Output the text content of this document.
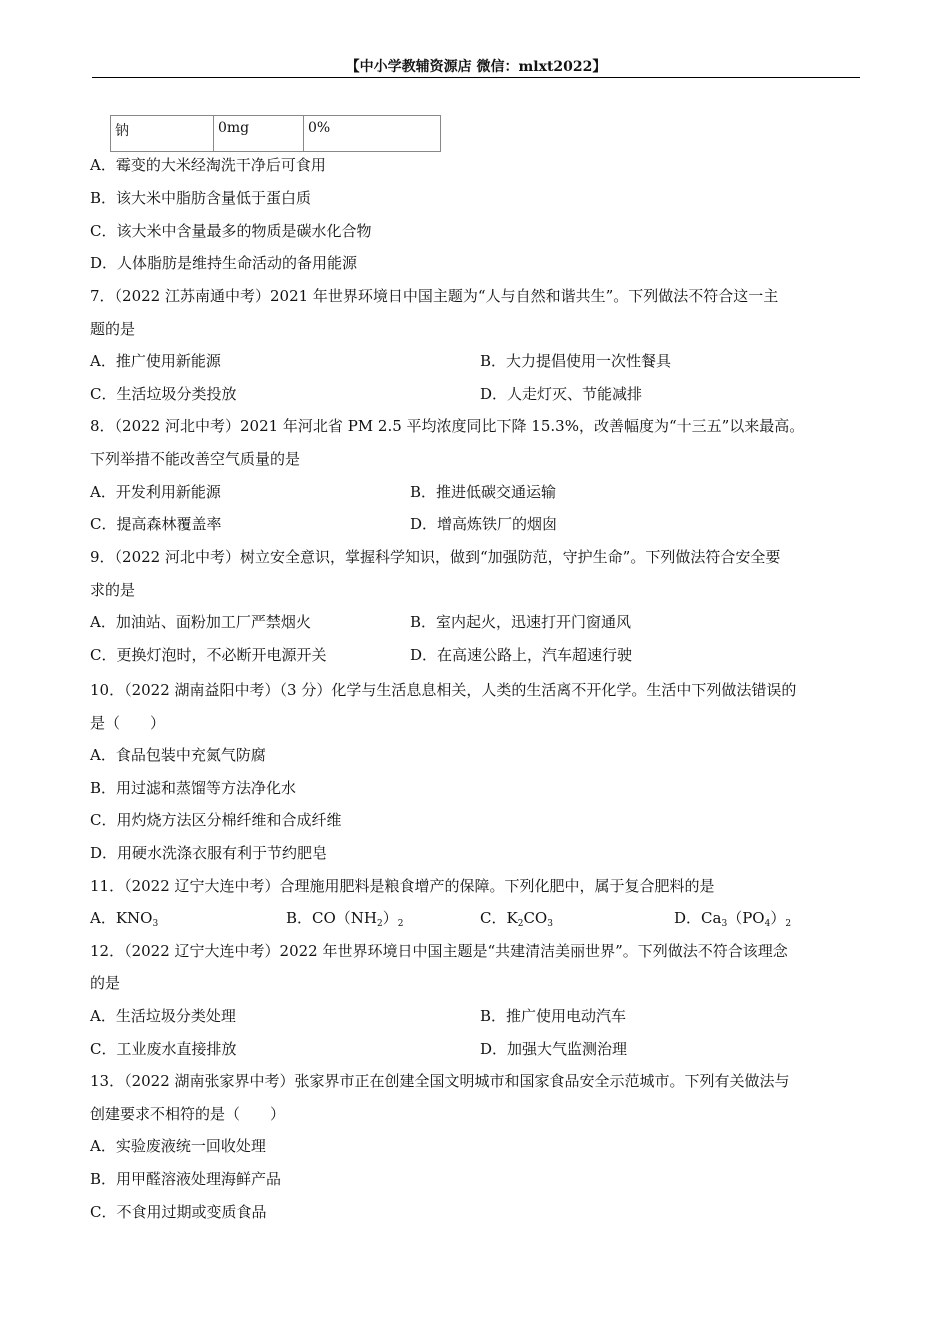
【中小学教辅资源店 微信：mlxt2022】
钠	0mg	0%
A．霉变的大米经淘洗干净后可食用
B．该大米中脂肪含量低于蛋白质
C．该大米中含量最多的物质是碳水化合物
D．人体脂肪是维持生命活动的备用能源
7．（2022 江苏南通中考）2021 年世界环境日中国主题为“人与自然和谐共生”。下列做法不符合这一主
题的是
A．推广使用新能源	B．大力提倡使用一次性餐具
C．生活垃圾分类投放	D．人走灯灭、节能减排
8．（2022 河北中考）2021 年河北省 PM 2.5 平均浓度同比下降 15.3%，改善幅度为“十三五”以来最高。
下列举措不能改善空气质量的是
A．开发利用新能源	B．推进低碳交通运输
C．提高森林覆盖率	D．增高炼铁厂的烟囱
9．（2022 河北中考）树立安全意识，掌握科学知识，做到“加强防范，守护生命”。下列做法符合安全要
求的是
A．加油站、面粉加工厂严禁烟火	B．室内起火，迅速打开门窗通风
C．更换灯泡时，不必断开电源开关	D．在高速公路上，汽车超速行驶
10．（2022 湖南益阳中考）（3 分）化学与生活息息相关，人类的生活离不开化学。生活中下列做法错误的
是（　　）
A．食品包装中充氮气防腐
B．用过滤和蒸馏等方法净化水
C．用灼烧方法区分棉纤维和合成纤维
D．用硬水洗涤衣服有利于节约肥皂
11．（2022 辽宁大连中考）合理施用肥料是粮食增产的保障。下列化肥中，属于复合肥料的是
A．$KNO_3$	B．$CO(NH_2)_2$	C．$K_2CO_3$	D．$Ca_3(PO_4)_2$
12．（2022 辽宁大连中考）2022 年世界环境日中国主题是“共建清洁美丽世界”。下列做法不符合该理念
的是
A．生活垃圾分类处理	B．推广使用电动汽车
C．工业废水直接排放	D．加强大气监测治理
13．（2022 湖南张家界中考）张家界市正在创建全国文明城市和国家食品安全示范城市。下列有关做法与
创建要求不相符的是（　　）
A．实验废液统一回收处理
B．用甲醛溶液处理海鲜产品
C．不食用过期或变质食品
